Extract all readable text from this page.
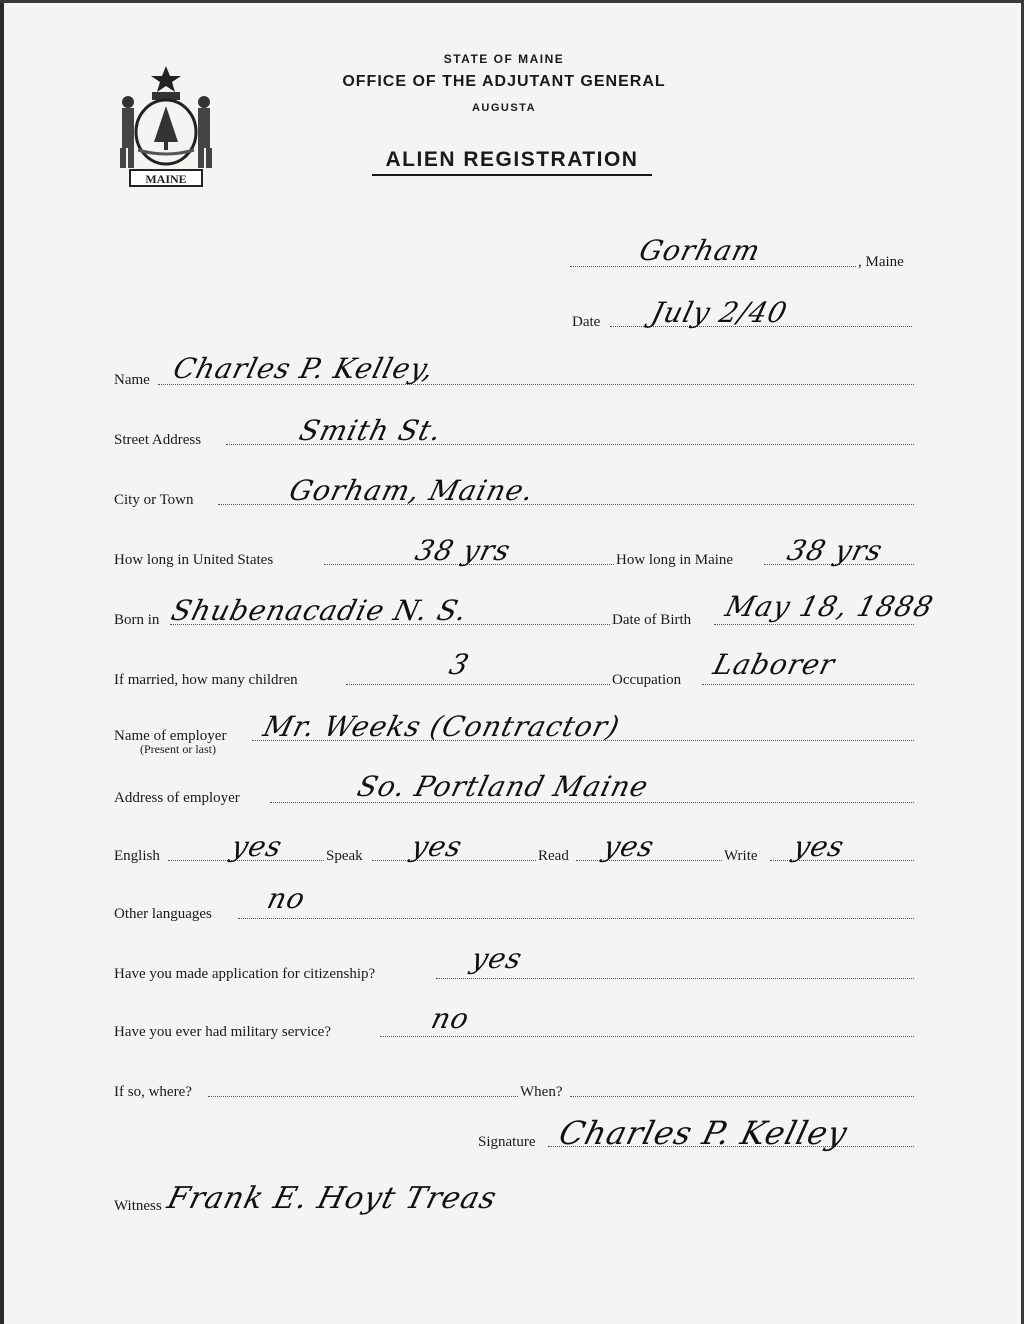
MAINE
STATE OF MAINE
OFFICE OF THE ADJUTANT GENERAL
AUGUSTA
ALIEN REGISTRATION
Gorham	, Maine
Date July 2/40
Name Charles P. Kelley,
Street Address	Smith St.
City or Town	Gorham, Maine.
How long in United States	38 yrs	How long in Maine 38 yrs
Born in Shubenacadie N. S.	Date of Birth May 18, 1888
If married, how many children	3	Occupation Laborer
Name of employer Mr. Weeks (Contractor)
(Present or last)
Address of employer	So. Portland Maine
English yes	Speak yes	Read yes	Write yes
Other languages no
Have you made application for citizenship?	yes
Have you ever had military service?	no
If so, where?	When?
Signature Charles P. Kelley
Witness Frank E. Hoyt Treas
